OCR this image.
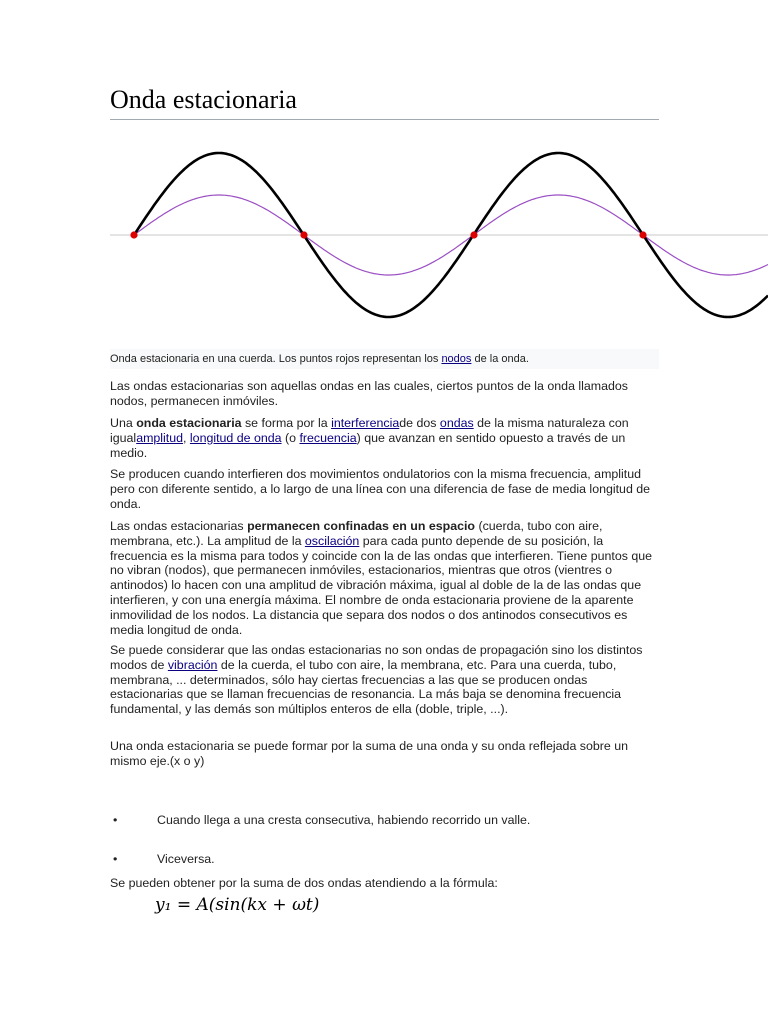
Onda estacionaria
Onda estacionaria en una cuerda. Los puntos rojos representan los nodos de la onda.

Las ondas estacionarias son aquellas ondas en las cuales, ciertos puntos de la onda llamados nodos, permanecen inmóviles.

Una onda estacionaria se forma por la interferenciade dos ondas de la misma naturaleza con igualamplitud, longitud de onda (o frecuencia) que avanzan en sentido opuesto a través de un medio.

Se producen cuando interfieren dos movimientos ondulatorios con la misma frecuencia, amplitud pero con diferente sentido, a lo largo de una línea con una diferencia de fase de media longitud de onda.

Las ondas estacionarias permanecen confinadas en un espacio (cuerda, tubo con aire, membrana, etc.). La amplitud de la oscilación para cada punto depende de su posición, la frecuencia es la misma para todos y coincide con la de las ondas que interfieren. Tiene puntos que no vibran (nodos), que permanecen inmóviles, estacionarios, mientras que otros (vientres o antinodos) lo hacen con una amplitud de vibración máxima, igual al doble de la de las ondas que interfieren, y con una energía máxima. El nombre de onda estacionaria proviene de la aparente inmovilidad de los nodos. La distancia que separa dos nodos o dos antinodos consecutivos es media longitud de onda.

Se puede considerar que las ondas estacionarias no son ondas de propagación sino los distintos modos de vibración de la cuerda, el tubo con aire, la membrana, etc. Para una cuerda, tubo, membrana, ... determinados, sólo hay ciertas frecuencias a las que se producen ondas estacionarias que se llaman frecuencias de resonancia. La más baja se denomina frecuencia fundamental, y las demás son múltiplos enteros de ella (doble, triple, ...).

Una onda estacionaria se puede formar por la suma de una onda y su onda reflejada sobre un mismo eje.(x o y)

•	Cuando llega a una cresta consecutiva, habiendo recorrido un valle.
•	Viceversa.

Se pueden obtener por la suma de dos ondas atendiendo a la fórmula:

y₁ = A(sin(kx + ωt)
